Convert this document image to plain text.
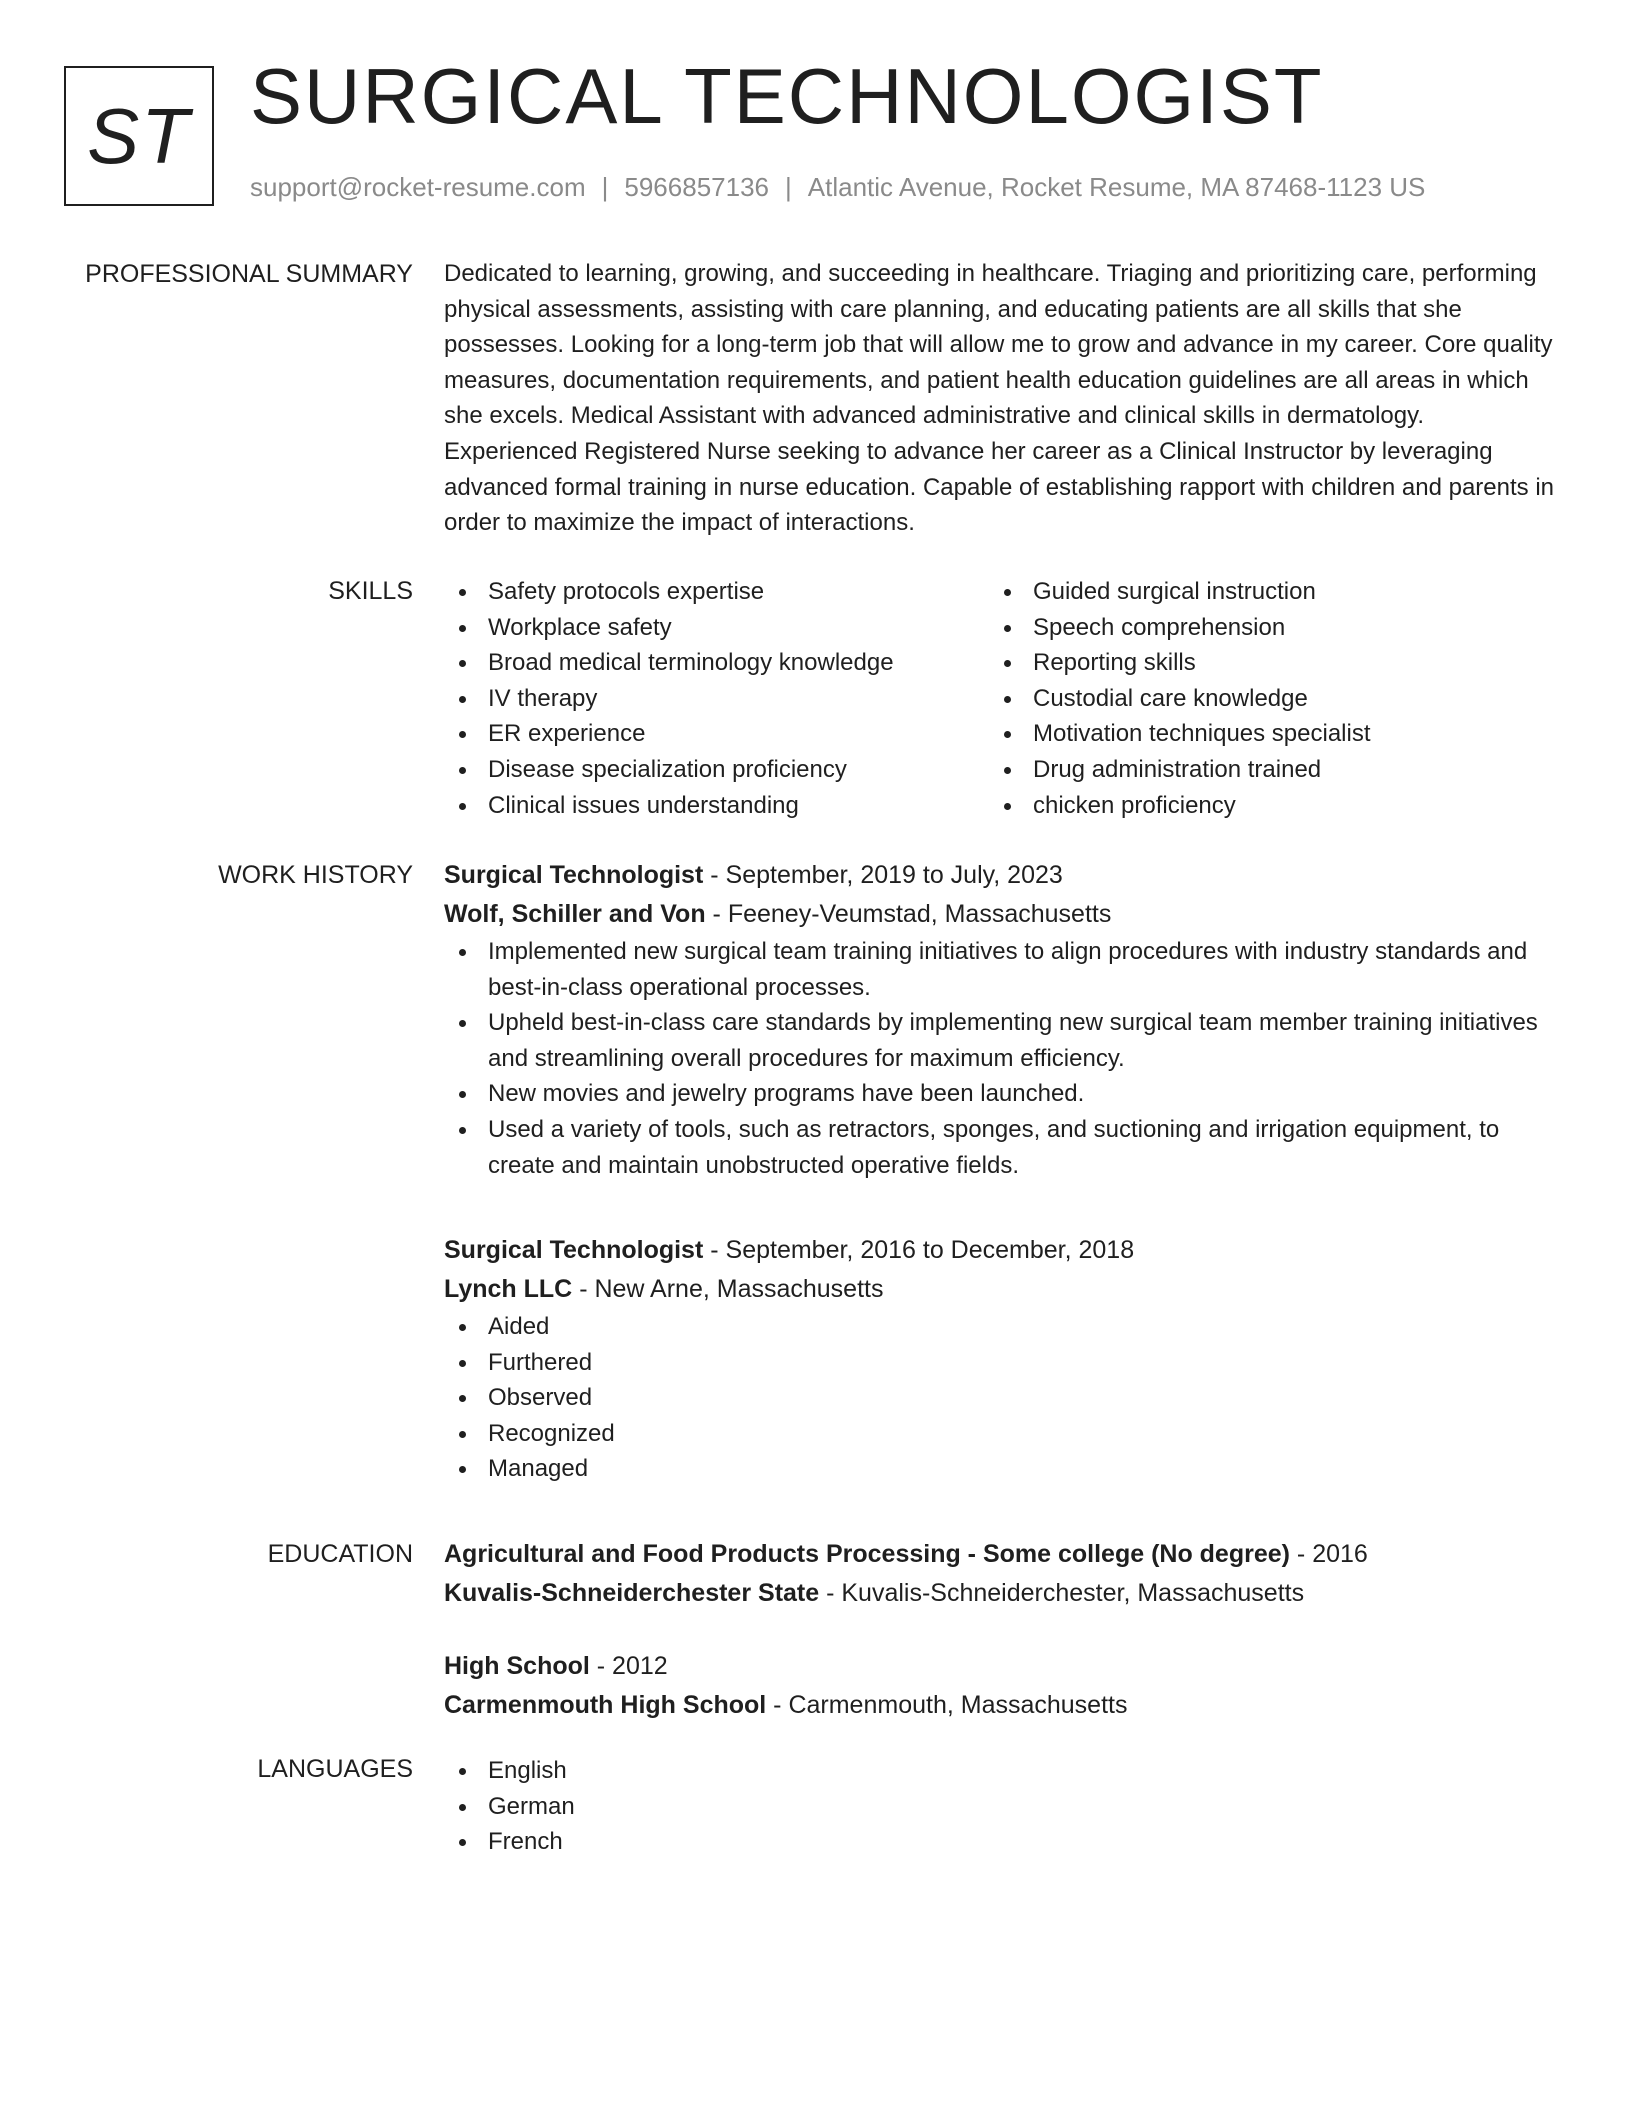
ST SURGICAL TECHNOLOGIST
support@rocket-resume.com | 5966857136 | Atlantic Avenue, Rocket Resume, MA 87468-1123 US
PROFESSIONAL SUMMARY Dedicated to learning, growing, and succeeding in healthcare. Triaging and prioritizing care, performing physical assessments, assisting with care planning, and educating patients are all skills that she possesses. Looking for a long-term job that will allow me to grow and advance in my career. Core quality measures, documentation requirements, and patient health education guidelines are all areas in which she excels. Medical Assistant with advanced administrative and clinical skills in dermatology. Experienced Registered Nurse seeking to advance her career as a Clinical Instructor by leveraging advanced formal training in nurse education. Capable of establishing rapport with children and parents in order to maximize the impact of interactions.

SKILLS	Safety protocols expertise
Workplace safety
Broad medical terminology knowledge
IV therapy
ER experience
Disease specialization proficiency
Clinical issues understanding
Guided surgical instruction
Speech comprehension
Reporting skills
Custodial care knowledge
Motivation techniques specialist
Drug administration trained
chicken proficiency
WORK HISTORY Surgical Technologist - September, 2019 to July, 2023
Wolf, Schiller and Von - Feeney-Veumstad, Massachusetts
Implemented new surgical team training initiatives to align procedures with industry standards and best-in-class operational processes.
Upheld best-in-class care standards by implementing new surgical team member training initiatives and streamlining overall procedures for maximum efficiency.
New movies and jewelry programs have been launched.
Used a variety of tools, such as retractors, sponges, and suctioning and irrigation equipment, to create and maintain unobstructed operative fields.
Surgical Technologist - September, 2016 to December, 2018
Lynch LLC - New Arne, Massachusetts
Aided
Furthered
Observed
Recognized
Managed
EDUCATION Agricultural and Food Products Processing - Some college (No degree) - 2016
Kuvalis-Schneiderchester State - Kuvalis-Schneiderchester, Massachusetts
High School - 2012
Carmenmouth High School - Carmenmouth, Massachusetts
LANGUAGES	English
German
French
